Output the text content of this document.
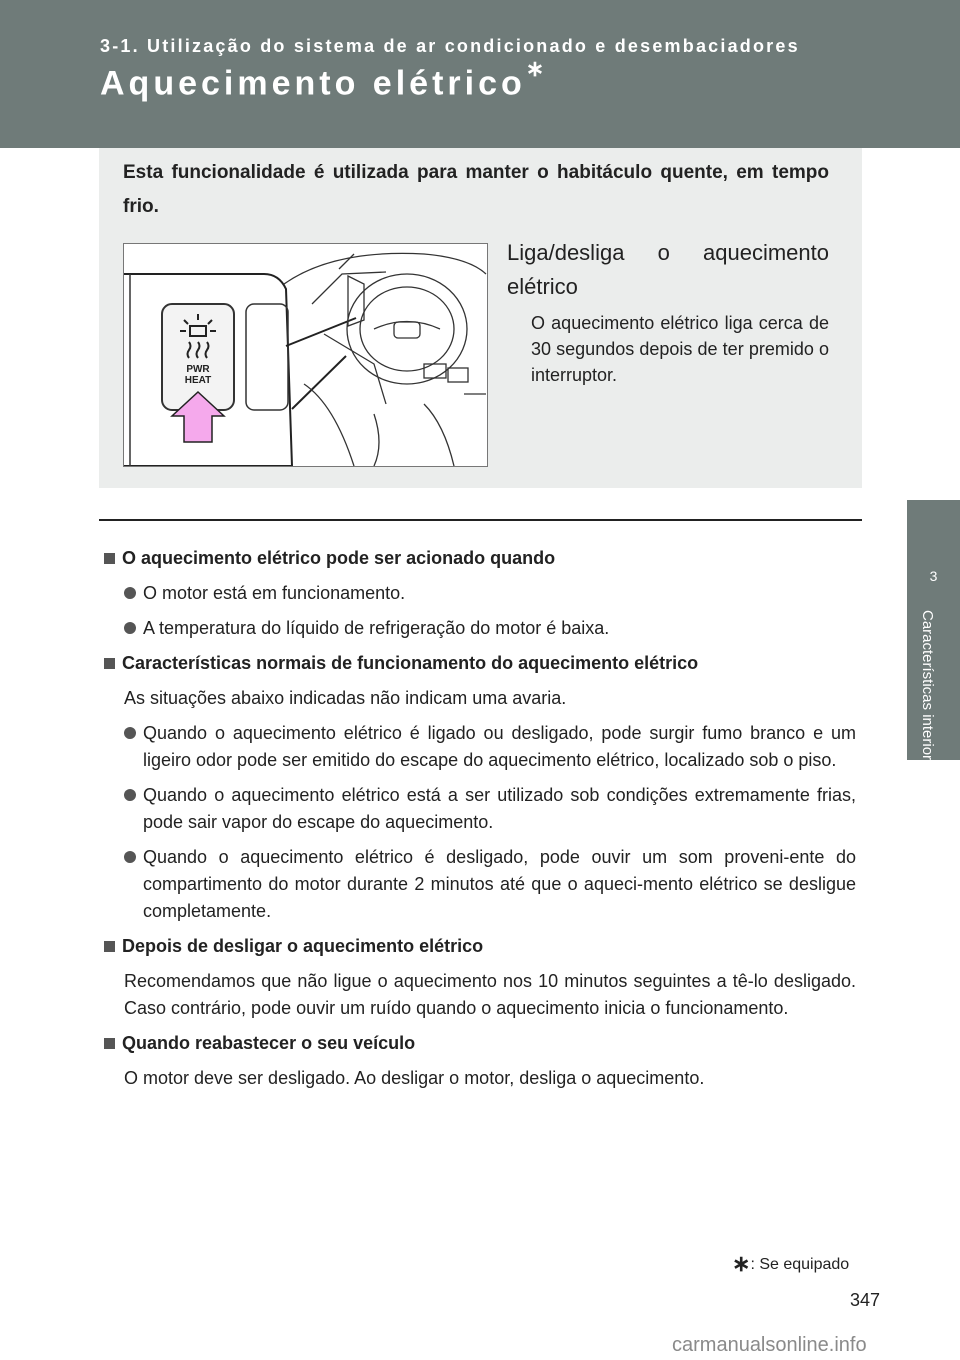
3-1. Utilização do sistema de ar condicionado e desembaciadores

Aquecimento elétrico∗
3
Características interiores

Esta funcionalidade é utilizada para manter o habitáculo quente, em tempo frio.

PWR
HEAT

Liga/desliga o aquecimento elétrico

O aquecimento elétrico liga cerca de 30 segundos depois de ter premido o interruptor.

O aquecimento elétrico pode ser acionado quando
O motor está em funcionamento.
A temperatura do líquido de refrigeração do motor é baixa.
Características normais de funcionamento do aquecimento elétrico

As situações abaixo indicadas não indicam uma avaria.

Quando o aquecimento elétrico é ligado ou desligado, pode surgir fumo branco e um ligeiro odor pode ser emitido do escape do aquecimento elétrico, localizado sob o piso.
Quando o aquecimento elétrico está a ser utilizado sob condições extremamente frias, pode sair vapor do escape do aquecimento.
Quando o aquecimento elétrico é desligado, pode ouvir um som proveni-ente do compartimento do motor durante 2 minutos até que o aqueci-mento elétrico se desligue completamente.
Depois de desligar o aquecimento elétrico

Recomendamos que não ligue o aquecimento nos 10 minutos seguintes a tê-lo desligado. Caso contrário, pode ouvir um ruído quando o aquecimento inicia o funcionamento.

Quando reabastecer o seu veículo

O motor deve ser desligado. Ao desligar o motor, desliga o aquecimento.

∗: Se equipado
347
carmanualsonline.info
